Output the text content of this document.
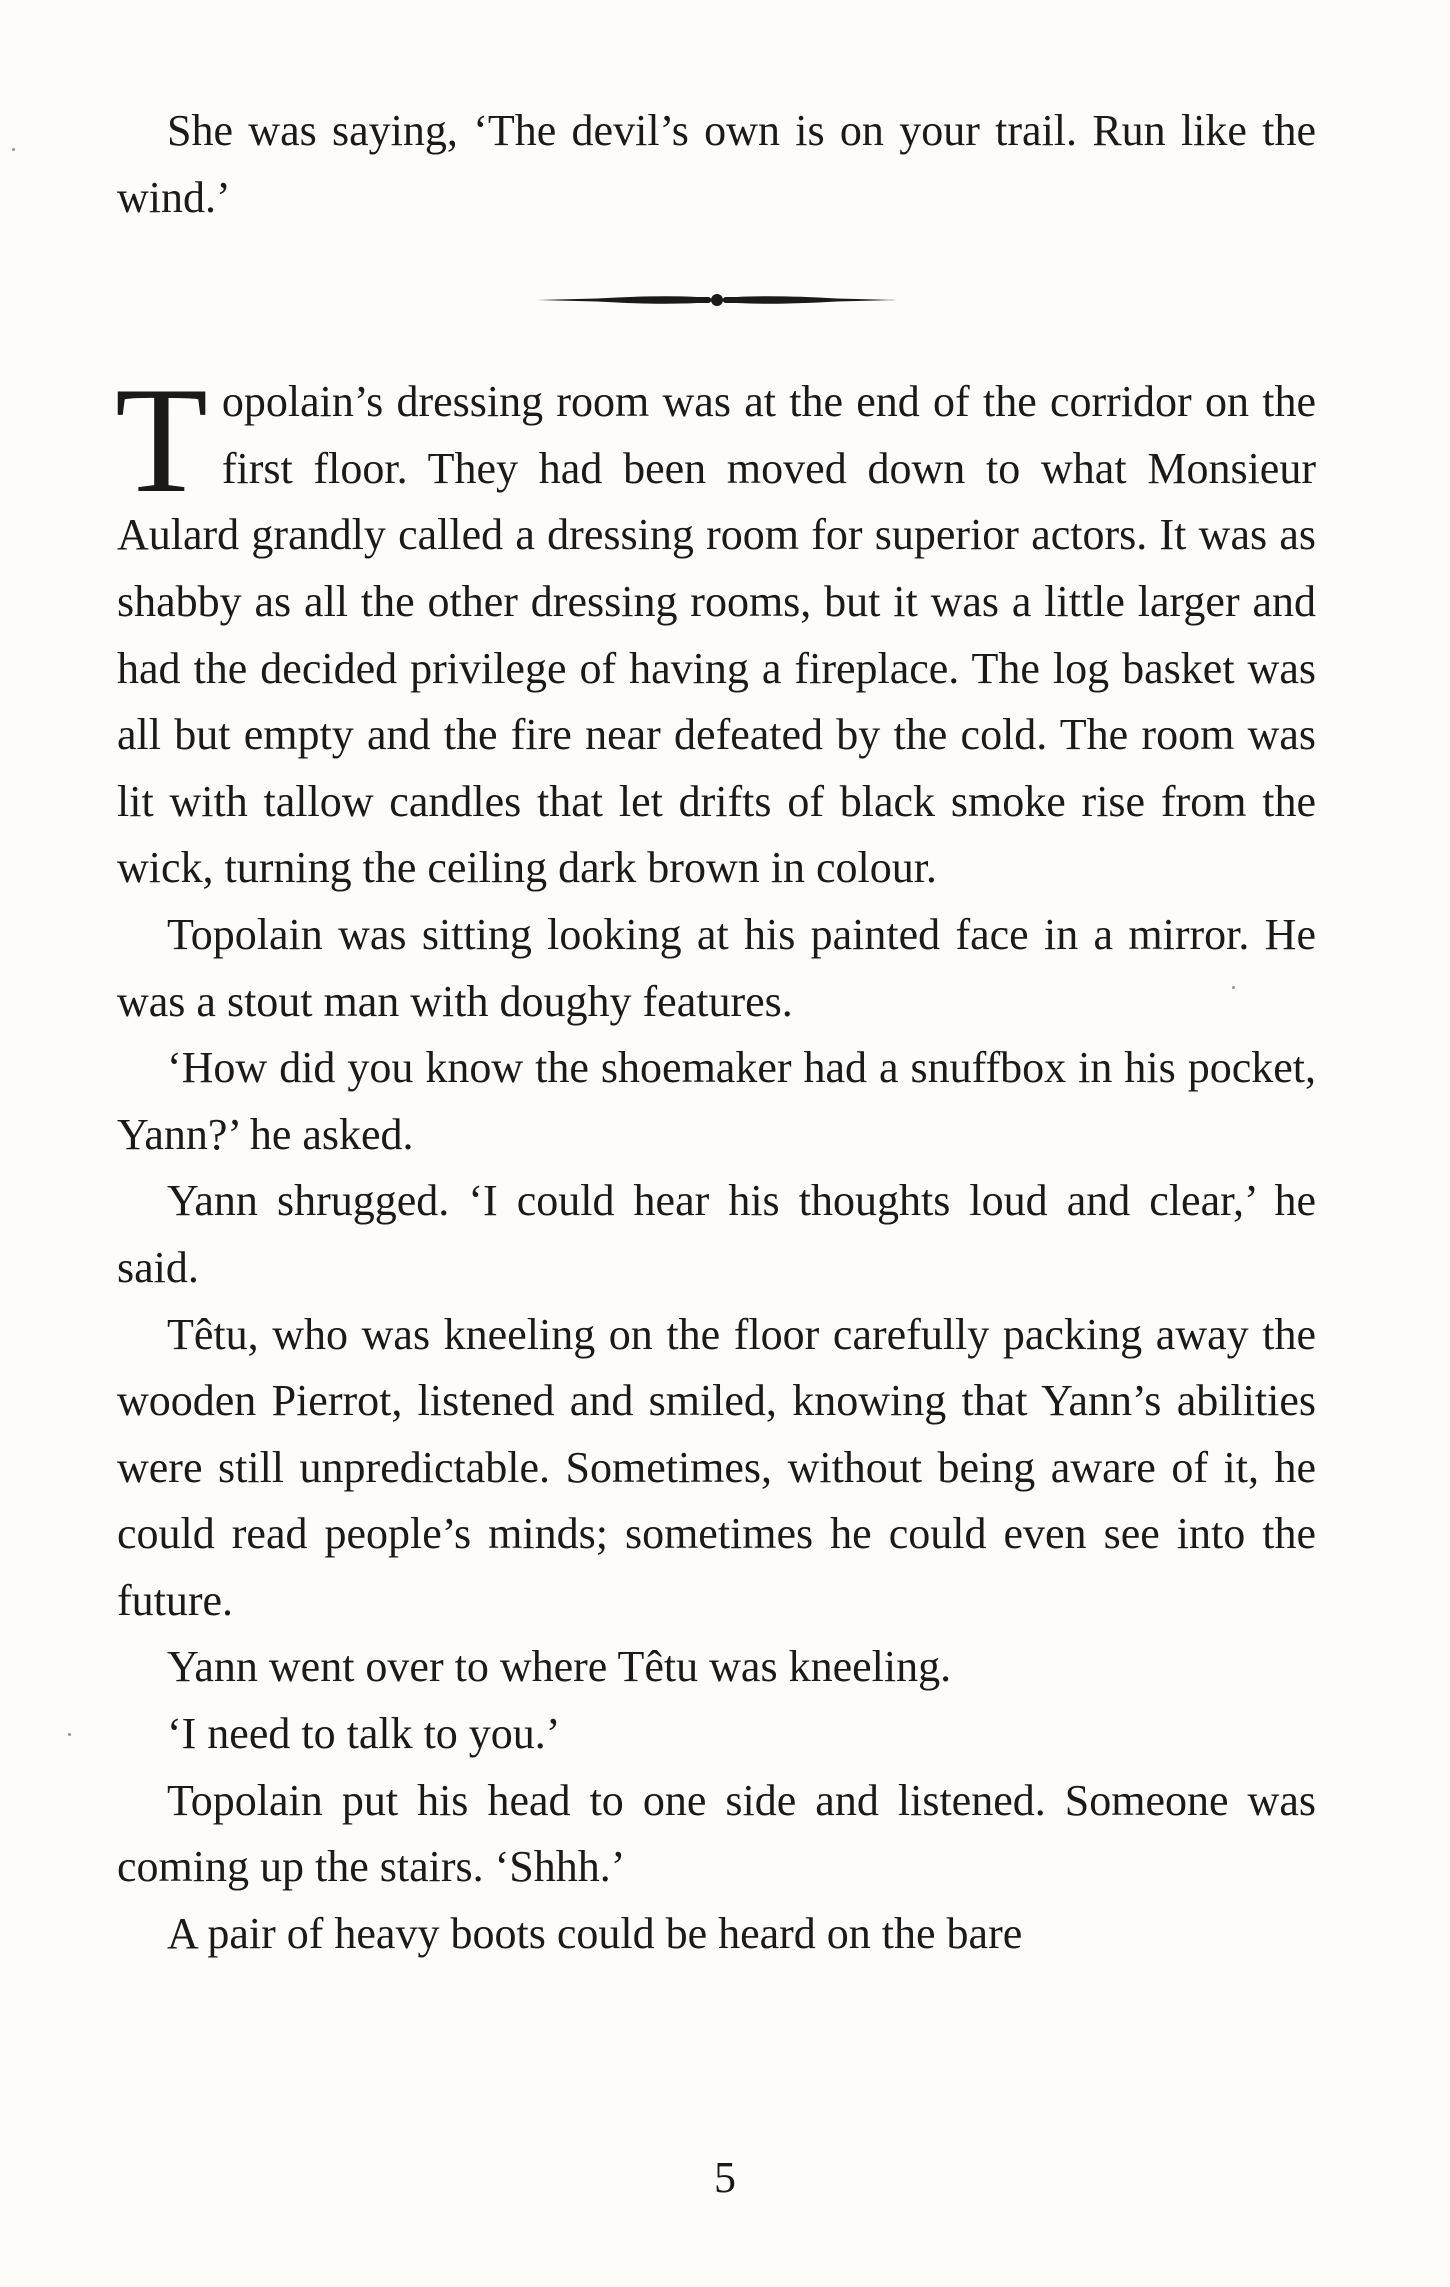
She was saying, ‘The devil’s own is on your trail. Run like the wind.’

Topolain’s dressing room was at the end of the corridor on the first floor. They had been moved down to what Monsieur Aulard grandly called a dressing room for superior actors. It was as shabby as all the other dressing rooms, but it was a little larger and had the decided privilege of having a fireplace. The log basket was all but empty and the fire near defeated by the cold. The room was lit with tallow candles that let drifts of black smoke rise from the wick, turning the ceiling dark brown in colour.

Topolain was sitting looking at his painted face in a mirror. He was a stout man with doughy features.

‘How did you know the shoemaker had a snuffbox in his pocket, Yann?’ he asked.

Yann shrugged. ‘I could hear his thoughts loud and clear,’ he said.

Têtu, who was kneeling on the floor carefully packing away the wooden Pierrot, listened and smiled, knowing that Yann’s abilities were still unpredictable. Sometimes, without being aware of it, he could read people’s minds; sometimes he could even see into the future.

Yann went over to where Têtu was kneeling.

‘I need to talk to you.’

Topolain put his head to one side and listened. Someone was coming up the stairs. ‘Shhh.’

A pair of heavy boots could be heard on the bare

5
